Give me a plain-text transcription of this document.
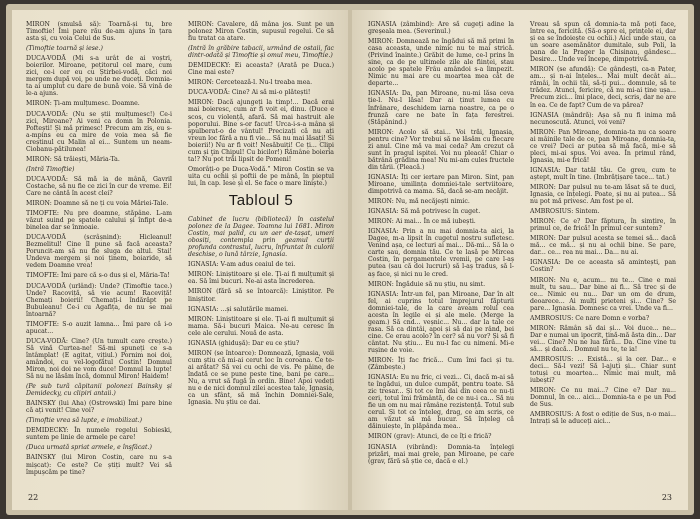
MIRON (smulsă să): Toarnă-și tu, bre Timoftie! Îmi pare rău de-am ajuns în țara asta și, cu voia Celui de Sus.

(Timoftie toarnă și iese.)

DUCA-VODĂ (Mi s-a urât de ai voștri, boierilor. Miroane, pețitorul cel mare, cum zici, ce-i cer eu cu Știrbei-vodă, căci noi mergem după voi, pe unde ne duceți. Domnia-ta ai umplut cu dare de bună voie. Să vină de le-a ajuns.

MIRON: Ți-am mulțumesc. Doamne.

DUCA-VODĂ: (Nu se știi mulțumesc!) Ce-i zici, Miroane? Ai veni ca domn în Polonia. Poftești! Și mă primesc! Precum am zis, eu s-a-mpins eu ca mire de voia mea să fie creștinul cu Malin al ei... Suntem un neam-Ciobanu-pătilunea!

MIRON: Să trăiești, Măria-Ta.

(Intră Timoftie)

DUCA-VODĂ: Să mă ia de mână, Gavril Costache, să nu fie ce zici în cur de vreme. Ei! Care ne cântă în acest clei?

MIRON: Doamne să ne ți cu voia Măriei-Tale.

TIMOFTE: Nu pre doamne, stăpâne. L-am văzut suind pe spatele calului și înfipt de-a binelea dar se înmoaie.

DUCA-VODĂ (scrâșnind): Hicleanul! Bezmelitul! Cine îl pune să facă aceasta? Poruncit-am să nu fie sluga de altul. Stai! Undeva mergem și noi ținem, boiaride, să vedem Doamne vrea!

TIMOFTE: Îmi pare că s-o dus și el, Măria-Ta!

DUCA-VODĂ (urlând): Unde? (Timoftie tace.) Unde? Racoviță, să vie acum! Raceviță! Chemați boierii! Chemați-i îndărăpt pe Bubuleanu! Ce-i cu Agafița, de nu se mai întoarnă?

TIMOFTE: S-o auzit lamna... Îmi pare că i-o apucat...

DUCA-VODĂ: Cine? (Un tumult care crește.) Să vină Curtea-ne! Să-mi spuneți ce s-a întâmplat! (E agitat, vițiul.) Pornim noi doi, amândoi, cu vel-logofătul Costin! Domnul Miron, noi doi ne vom duce! Domnul la lupte! Să nu ne lăsăm încă, domnul Miron! Haidem!

(Pe sub tură căpitanii polonezi Bainsky și Demidecky, cu clipiri antaii.)

BAINSKY (lui Aha) (Ostrowski) Îmi pare bine că ați venit! Cine voi?

(Timoftie vrea să lupte, e imobilizat.)

DEMIDECKY: În numele regelui Sobieski, suntem pe linie de armele pe care!

(Duca urmată spriat armele, e înșfăcat.)

BAINSKY (lui Miron Costin, care nu s-a mișcat): Ce este? Ce știți mult? Vei să împușcăm pe tine?

MIRON: Cavalere, dă mâna jos. Sunt pe un polonez Miron Costin, supusul regelui. Ce să fiu tratat ca atare.

(Intră în grăbire tabacii, urmând de ostaii, fac dintr-odată și Timoftie și omul meu, Timoftie.)

DEMIDECKY: Ei aceasta? (Arată pe Duca.) Cine mai este?

MIRON: Cercetează-l. Nu-l treaba mea.

DUCA-VODĂ: Cine? Ai să mi-o plătești!

MIRON: Dacă ajungeți la timp!... Dacă erai mai boieresc, cum ar fi voit ei, dinu. (Duce e scos, cu violență, afară. Să mai hastruit ale poporului. Bine s-or facut! Urca-i-s-a mâna și spulberat-o de vântul! Precizați că nu ați vreun loc fără a nu fi vie... Să nu mai lăsați! Si boierii!) Nu ar fi voit! Nesăbuiți! Ce ți... Clipi cum și ţin Chipul! Cu bicilor!) Rămâne boieria ta!? Nu pot trăi lipsit de Pomeni!

Omorâți-o pe Duca-Vodă.” Miron Costin se va uita cu ochii și poftii de pe mână, în pieptul lui, în cap. Iese și el. Se face o mare liniște.)

Tabloul 5

Cabinet de lucru (bibliotecă) în castelul polonez de la Dagee. Toamna lui 1681. Miron Costin, mai palid, cu un aer de-tașat, umeri obosiți, contempla prin geamul curții profunda contrastul, lucru, înfruntat în culorii deschise, o lună târzie, Ignasia.

IGNASIA: V-am adus ceaiul de tei.

MIRON: Liniștitoare și ele. Ți-ai fi mulțumit și ea. Să îmi bucuri. Ne-ai asta încrederea.

MIRON (fără să se întoarcă): Liniștitor. Pe liniștitor.

IGNASIA: ...și salutările mamei.

MIRON: Liniștitoare și ele. Ți-ai fi mulțumit și mama. Să-i bucuri Maica. Ne-au ceresc în cele ale cerului. Nouă de asta.

IGNASIA (ghidușă): Dar eu ce știu?

MIRON (se întoarce): Domnează, Ignasia, voii cum știu că mi-ai cerut loc în coroana. Ce te-ai arătat? Să vei cu ochi de vis. Pe pâine, de îndată ce se pune peste tine, bani pe care... Nu, a vrut să fugă în ordin. Bine! Apoi vedeți nu e de nici domnul zilei acestea tale, Ignasia, ca un sfânt, să mă închin Domniei-Sale, Ignasia. Nu știu ce dai.

22

IGNASIA (zâmbind): Are să cugeți adine la greșeala mea. (Severinul.)

MIRON: Domnează ne îngădui să mă primi în casa aceasta, unde nimic nu te mai strică. (Privind înainte.) Grăbit de lume, ce-l prins în sine, ca de pe ultimele zile ale ființei, stau acolo pe spatele Frâu amândoi s-a limpezit. Nimic nu mai are cu moartea mea cât de departe...

IGNASIA: Da, pan Miroane, nu-mi lăsa ceva ție-l. Nu-l lăsa! Dar ai ținut lumea cu înfrânare, deschidem iarna noastre, ca pe o frunză care ne bate în fața ferestrei. (Stăpânind.)

MIRON: Acolo să stai... Voi trăi, Ignasia, pentru cine? Vor trebui să ne lăsăm cu fiecare zi anul. Cine mă va mai ceda? Am crezut că sunt în pragul ispitei. Voi nu pleacă! Chiar o bătrână grădina mea! Nu mi-am cules fructele din tării. (Pleacă.)

IGNASIA: Îți cer iertare pan Miron. Sint, pan Miroane, umilința domniei-tale sertviitoare, dimpotrivă ca mama. Să, dacă se-am necăjit.

MIRON: Nu, mă necăjești nimic.

IGNASIA: Să mă potrivesc în cuget.

MIRON: Ai mai... În ce mă iubești.

IGNASIA: Prin a nu mai domnia-ta aici, la Dagee, m-a lipsit în cugetul nostru sufletesc. Venind așa, ce lecturi ai mai... Dă-mi... Să la o carte sau, domnia tău. Ce te lasă pe Mircea Costin, în pergamentele vremii, pe care l-aș putea (sau că doi lucruri) să l-aș tradus, să l-aș face, și nici nu le cred.

MIRON: Îngăduie să nu știu, nu simt.

IGNASIA: Într-un fel, pan Miroane, Dar în alt fel, ai cuprins totul împrejurul făpturii domniei-tale, de la care aveam rolul cea acesta în legile ei și ale mele. (Merge la geam.) Să cnd... veșnic... Nu... dar la tale ce rasa. Să ca dintâi, apoi și să dai pe rând, bei cine. Ce erau acolo? în cer? să nu vor? Și să fi cântat. Nu știu... Eu nu-l fac cu nimeni. Mi-e rușine de voie.

MIRON: Îți fac frică... Cum îmi faci și tu. (Zâmbește.)

IGNASIA: Eu nu fric, ci vezi... Ci, dacă m-ai să te îngădui, un dulce cumpăt, pentru toate. Să zic tresar... Și tot ce îmi dai din ceea ce nu-ți ceri, totul îmi frământă, de ce nu-i ca... Să nu fie un om nu mai rămâne rezistență. Totul sub cerul. Și tot ce înțeleg, drag, ce am scris, ce am văzut să mă bucur. Să înțeleg că dăinuiește, în plăpânda mea..

MIRON (grav): Atunci, de ce îți e frică?

IGNASIA (vibrând): Domnia-ta înțelegi prizări, mai mai grele, pan Miroane, pe care (grav, fără să știe ce, dacă e el.)

Vreau să spun că domnia-ta mă poți face, între ea, fericită. (Să-o spre ei, prințele ei, dar și ea se îndoiește cu ochii.) Aici unde stau, ca un soare asemănător dumitale, sub Poli, la pana de la Prager la Chisinau, gândesc... Desire... Unde vei începe, dimpotrivă.

MIRON (se afundă): Ce gândești, ca-n Pater, am... și n-ai înțeles... Mai mult decât ai... rămâi, în ochii tăi, să-ți pui... domnule, să te trădez. Atunci, fericire, că nu mi-ai ține ușa... Precum zici... îmi place, deci, scris, dar ne are în ea. Ce de fapt? Cum de va părea?

IGNASIA (mândră): Așa să nu fi inima mă necunoscută. Atunci, voi veni?

MIRON: Pan Miroane, domnia-ta nu ca soare ai mâinile tale de ce, pan Miroane, domnia-ta, ce vrei? Deci ar putea să mă facă, mi-e să pleci, mi-ai spus. Voi avea. În primul rând, Ignasia, mi-e frică!

IGNASIA: Dar tatăl tău. Ce greu, cum te aștept, mult în tine. (Imbrățișare tace... tat.)

MIRON: Dar pulsul nu te-am lăsat să te duci, Ignasia, ce înțelegi. Poate, și nu ai putea... Să nu pot mă privesc. Am fost pe el.

AMBROSIUS: Sintem.

MIRON: Ce e? Dar făptura, în simțire, în primul ce, de frică! În primul cer suntem?

MIRON: Dar pulsul acesta se temei să... dacă mă... ce mă... și nu ai ochii bine. Se pare, dar... ce... rea nu mai... Da... nu ai.

IGNASIA: De ce aceasta să amintești, pan Costin?

MIRON: Nu e, acum... nu te... Cine e mai mult, tu sau... Dar bine ai fi... Să trec și de ce... Nimic eu nu... Dar un om de drum, deoarece... Ai mulți prieteni și... Cine? Se pare... Ignasia. Domnesc ca vrei. Unde va fi...

AMBROSIUS: Ce nare Domn e vorba?

MIRON: Rămân să dai și... Voi duce... ne... Dar e numai un ipocrit, țină-mă ăsta din... Dar vei... Cine? Nu ne lua fără... Da. Cine vine tu să... și dacă... Domnul nu te, te ia!

AMBROSIUS: ... Există... și la cer. Dar... e deci... Să-l vezi! Să l-ajuți și... Chiar sunt totuși cu moartea... Nimic mai mult, mă iubești?

MIRON: Ce nu mai...? Cine e? Dar nu... Domnul, în ce... aici... Domnia-ta e pe un Pod de Sus.

AMBROSIUS: A fost o ediție de Sus, n-o mai... Intrați să le aduceți aici...

23
